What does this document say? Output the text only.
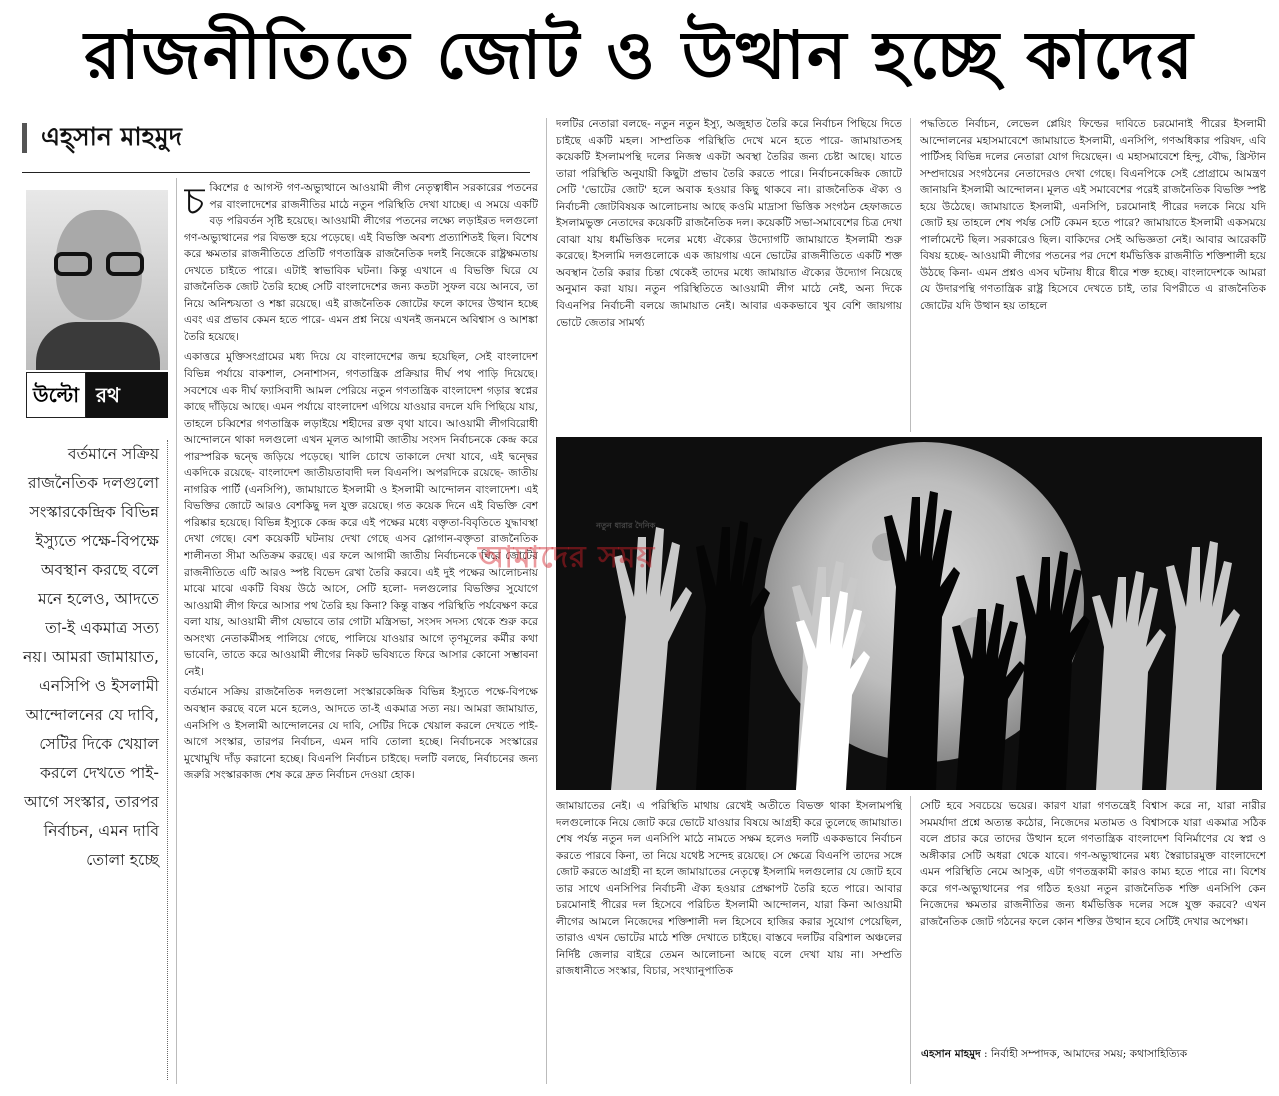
রাজনীতিতে জোট ও উত্থান হচ্ছে কাদের
এহ্সান মাহমুদ
উল্টো রথ
বর্তমানে সক্রিয় রাজনৈতিক দলগুলো সংস্কারকেন্দ্রিক বিভিন্ন ইস্যুতে পক্ষে-বিপক্ষে অবস্থান করছে বলে মনে হলেও, আদতে তা-ই একমাত্র সত্য নয়। আমরা জামায়াত, এনসিপি ও ইসলামী আন্দোলনের যে দাবি, সেটির দিকে খেয়াল করলে দেখতে পাই- আগে সংস্কার, তারপর নির্বাচন, এমন দাবি তোলা হচ্ছে

চব্বিশের ৫ আগস্ট গণ-অভ্যুত্থানে আওয়ামী লীগ নেতৃত্বাধীন সরকারের পতনের পর বাংলাদেশের রাজনীতির মাঠে নতুন পরিস্থিতি দেখা যাচ্ছে। এ সময়ে একটি বড় পরিবর্তন সৃষ্টি হয়েছে। আওয়ামী লীগের পতনের লক্ষ্যে লড়াইরত দলগুলো গণ-অভ্যুত্থানের পর বিভক্ত হয়ে পড়েছে। এই বিভক্তি অবশ্য প্রত্যাশিতই ছিল। বিশেষ করে ক্ষমতার রাজনীতিতে প্রতিটি গণতান্ত্রিক রাজনৈতিক দলই নিজেকে রাষ্ট্রক্ষমতায় দেখতে চাইতে পারে। এটাই স্বাভাবিক ঘটনা। কিন্তু এখানে এ বিভক্তি ঘিরে যে রাজনৈতিক জোট তৈরি হচ্ছে সেটি বাংলাদেশের জন্য কতটা সুফল বয়ে আনবে, তা নিয়ে অনিশ্চয়তা ও শঙ্কা রয়েছে। এই রাজনৈতিক জোটের ফলে কাদের উত্থান হচ্ছে এবং এর প্রভাব কেমন হতে পারে- এমন প্রশ্ন নিয়ে এখনই জনমনে অবিশ্বাস ও আশঙ্কা তৈরি হয়েছে।

একাত্তরে মুক্তিসংগ্রামের মধ্য দিয়ে যে বাংলাদেশের জন্ম হয়েছিল, সেই বাংলাদেশ বিভিন্ন পর্যায়ে বাকশাল, সেনাশাসন, গণতান্ত্রিক প্রক্রিয়ার দীর্ঘ পথ পাড়ি দিয়েছে। সবশেষে এক দীর্ঘ ফ্যাসিবাদী আমল পেরিয়ে নতুন গণতান্ত্রিক বাংলাদেশ গড়ার স্বপ্নের কাছে দাঁড়িয়ে আছে। এমন পর্যায়ে বাংলাদেশ এগিয়ে যাওয়ার বদলে যদি পিছিয়ে যায়, তাহলে চব্বিশের গণতান্ত্রিক লড়াইয়ে শহীদের রক্ত বৃথা যাবে। আওয়ামী লীগবিরোধী আন্দোলনে থাকা দলগুলো এখন মূলত আগামী জাতীয় সংসদ নির্বাচনকে কেন্দ্র করে পারস্পরিক দ্বন্দ্বে জড়িয়ে পড়েছে। খালি চোখে তাকালে দেখা যাবে, এই দ্বন্দ্বের একদিকে রয়েছে- বাংলাদেশ জাতীয়তাবাদী দল বিএনপি। অপরদিকে রয়েছে- জাতীয় নাগরিক পার্টি (এনসিপি), জামায়াতে ইসলামী ও ইসলামী আন্দোলন বাংলাদেশ। এই বিভক্তির জোটে আরও বেশকিছু দল যুক্ত রয়েছে। গত কয়েক দিনে এই বিভক্তি বেশ পরিষ্কার হয়েছে। বিভিন্ন ইস্যুকে কেন্দ্র করে এই পক্ষের মধ্যে বক্তৃতা-বিবৃতিতে যুদ্ধাবস্থা দেখা গেছে। বেশ কয়েকটি ঘটনায় দেখা গেছে এসব স্লোগান-বক্তৃতা রাজনৈতিক শালীনতা সীমা অতিক্রম করছে। এর ফলে আগামী জাতীয় নির্বাচনকে ঘিরে জোটের রাজনীতিতে এটি আরও স্পষ্ট বিভেদ রেখা তৈরি করবে। এই দুই পক্ষের আলোচনায় মাঝে মাঝে একটি বিষয় উঠে আসে, সেটি হলো- দলগুলোর বিভক্তির সুযোগে আওয়ামী লীগ ফিরে আসার পথ তৈরি হয় কিনা? কিন্তু বাস্তব পরিস্থিতি পর্যবেক্ষণ করে বলা যায়, আওয়ামী লীগ যেভাবে তার গোটা মন্ত্রিসভা, সংসদ সদস্য থেকে শুরু করে অসংখ্য নেতাকর্মীসহ পালিয়ে গেছে, পালিয়ে যাওয়ার আগে তৃণমূলের কর্মীর কথা ভাবেনি, তাতে করে আওয়ামী লীগের নিকট ভবিষ্যতে ফিরে আসার কোনো সম্ভাবনা নেই।

বর্তমানে সক্রিয় রাজনৈতিক দলগুলো সংস্কারকেন্দ্রিক বিভিন্ন ইস্যুতে পক্ষে-বিপক্ষে অবস্থান করছে বলে মনে হলেও, আদতে তা-ই একমাত্র সত্য নয়। আমরা জামায়াত, এনসিপি ও ইসলামী আন্দোলনের যে দাবি, সেটির দিকে খেয়াল করলে দেখতে পাই- আগে সংস্কার, তারপর নির্বাচন, এমন দাবি তোলা হচ্ছে। নির্বাচনকে সংস্কারের মুখোমুখি দাঁড় করানো হচ্ছে। বিএনপি নির্বাচন চাইছে। দলটি বলছে, নির্বাচনের জন্য জরুরি সংস্কারকাজ শেষ করে দ্রুত নির্বাচন দেওয়া হোক।

দলটির নেতারা বলছে- নতুন নতুন ইস্যু, অজুহাত তৈরি করে নির্বাচন পিছিয়ে দিতে চাইছে একটি মহল। সাম্প্রতিক পরিস্থিতি দেখে মনে হতে পারে- জামায়াতসহ কয়েকটি ইসলামপন্থি দলের নিজস্ব একটা অবস্থা তৈরির জন্য চেষ্টা আছে। যাতে তারা পরিস্থিতি অনুযায়ী কিছুটা প্রভাব তৈরি করতে পারে। নির্বাচনকেন্দ্রিক জোটে সেটি 'ভোটের জোট' হলে অবাক হওয়ার কিছু থাকবে না। রাজনৈতিক ঐক্য ও নির্বাচনী জোটবিষয়ক আলোচনায় আছে কওমি মাদ্রাসা ভিত্তিক সংগঠন হেফাজতে ইসলামভুক্ত নেতাদের কয়েকটি রাজনৈতিক দল। কয়েকটি সভা-সমাবেশের চিত্র দেখা বোঝা যায় ধর্মভিত্তিক দলের মধ্যে ঐক্যের উদ্যোগটি জামায়াতে ইসলামী শুরু করেছে। ইসলামি দলগুলোকে এক জায়গায় এনে ভোটের রাজনীতিতে একটি শক্ত অবস্থান তৈরি করার চিন্তা থেকেই তাদের মধ্যে জামায়াত ঐক্যের উদ্যোগ নিয়েছে অনুমান করা যায়। নতুন পরিস্থিতিতে আওয়ামী লীগ মাঠে নেই, অন্য দিকে বিএনপির নির্বাচনী বলয়ে জামায়াত নেই। আবার এককভাবে খুব বেশি জায়গায় ভোটে জেতার সামর্থ্য
পদ্ধতিতে নির্বাচন, লেভেল প্লেয়িং ফিল্ডের দাবিতে চরমোনাই পীরের ইসলামী আন্দোলনের মহাসমাবেশে জামায়াতে ইসলামী, এনসিপি, গণঅধিকার পরিষদ, এবি পার্টিসহ বিভিন্ন দলের নেতারা যোগ দিয়েছেন। এ মহাসমাবেশে হিন্দু, বৌদ্ধ, খ্রিস্টান সম্প্রদায়ের সংগঠনের নেতাদেরও দেখা গেছে। বিএনপিকে সেই প্রোগ্রামে আমন্ত্রণ জানায়নি ইসলামী আন্দোলন। মূলত এই সমাবেশের পরেই রাজনৈতিক বিভক্তি স্পষ্ট হয়ে উঠেছে। জামায়াতে ইসলামী, এনসিপি, চরমোনাই পীরের দলকে নিয়ে যদি জোট হয় তাহলে শেষ পর্যন্ত সেটি কেমন হতে পারে? জামায়াতে ইসলামী একসময়ে পার্লামেন্টে ছিল। সরকারেও ছিল। বাকিদের সেই অভিজ্ঞতা নেই। আবার আরেকটি বিষয় হচ্ছে- আওয়ামী লীগের পতনের পর দেশে ধর্মভিত্তিক রাজনীতি শক্তিশালী হয়ে উঠছে কিনা- এমন প্রশ্নও এসব ঘটনায় ধীরে ধীরে শক্ত হচ্ছে। বাংলাদেশকে আমরা যে উদারপন্থি গণতান্ত্রিক রাষ্ট্র হিসেবে দেখতে চাই, তার বিপরীতে এ রাজনৈতিক জোটের যদি উত্থান হয় তাহলে
নতুন ধারার দৈনিক
আমাদের সময়
জামায়াতের নেই। এ পরিস্থিতি মাথায় রেখেই অতীতে বিভক্ত থাকা ইসলামপন্থি দলগুলোকে নিয়ে জোট করে ভোটে যাওয়ার বিষয়ে আগ্রহী করে তুলেছে জামায়াত। শেষ পর্যন্ত নতুন দল এনসিপি মাঠে নামতে সক্ষম হলেও দলটি এককভাবে নির্বাচন করতে পারবে কিনা, তা নিয়ে যথেষ্ট সন্দেহ রয়েছে। সে ক্ষেত্রে বিএনপি তাদের সঙ্গে জোট করতে আগ্রহী না হলে জামায়াতের নেতৃত্বে ইসলামি দলগুলোর যে জোট হবে তার সাথে এনসিপির নির্বাচনী ঐক্য হওয়ার প্রেক্ষাপট তৈরি হতে পারে। আবার চরমোনাই পীরের দল হিসেবে পরিচিত ইসলামী আন্দোলন, যারা কিনা আওয়ামী লীগের আমলে নিজেদের শক্তিশালী দল হিসেবে হাজির করার সুযোগ পেয়েছিল, তারাও এখন ভোটের মাঠে শক্তি দেখাতে চাইছে। বাস্তবে দলটির বরিশাল অঞ্চলের নির্দিষ্ট জেলার বাইরে তেমন আলোচনা আছে বলে দেখা যায় না। সম্প্রতি রাজধানীতে সংস্কার, বিচার, সংখ্যানুপাতিক
সেটি হবে সবচেয়ে ভয়ের। কারণ যারা গণতন্ত্রেই বিশ্বাস করে না, যারা নারীর সমমর্যাদা প্রশ্নে অত্যন্ত কঠোর, নিজেদের মতামত ও বিশ্বাসকে যারা একমাত্র সঠিক বলে প্রচার করে তাদের উত্থান হলে গণতান্ত্রিক বাংলাদেশ বিনির্মাণের যে স্বপ্ন ও অঙ্গীকার সেটি অধরা থেকে যাবে। গণ-অভ্যুত্থানের মধ্য স্বৈরাচারমুক্ত বাংলাদেশে এমন পরিস্থিতি নেমে আসুক, এটা গণতন্ত্রকামী কারও কাম্য হতে পারে না। বিশেষ করে গণ-অভ্যুত্থানের পর গঠিত হওয়া নতুন রাজনৈতিক শক্তি এনসিপি কেন নিজেদের ক্ষমতার রাজনীতির জন্য ধর্মভিত্তিক দলের সঙ্গে যুক্ত করবে? এখন রাজনৈতিক জোট গঠনের ফলে কোন শক্তির উত্থান হবে সেটিই দেখার অপেক্ষা।
এহসান মাহমুদ : নির্বাহী সম্পাদক, আমাদের সময়; কথাসাহিত্যিক
